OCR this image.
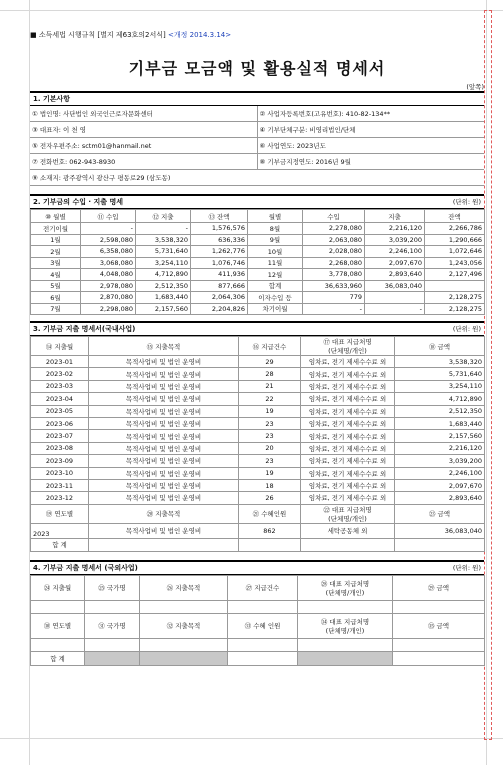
■ 소득세법 시행규칙 [별지 제63호의2서식] <개정 2014.3.14>
기부금 모금액 및 활용실적 명세서
(앞쪽)
1. 기본사항
① 법인명: 사단법인 외국인근로자문화센터	② 사업자등록번호(고유번호): 410-82-134**
③ 대표자: 이 천 영	④ 기부단체구분: 비영리법인/단체
⑤ 전자우편주소: sctm01@hanmail.net	⑥ 사업연도: 2023년도
⑦ 전화번호: 062-943-8930	⑧ 기부금지정연도: 2016년 9월
⑨ 소재지: 광주광역시 광산구 평동로29 (삼도동)	
2. 기부금의 수입 · 지출 명세	(단위: 원)
⑩ 월별	⑪ 수입	⑫ 지출	⑬ 잔액	월별	수입	지출	잔액
전기이월	-	-	1,576,576	8월	2,278,080	2,216,120	2,266,786
1월	2,598,080	3,538,320	636,336	9월	2,063,080	3,039,200	1,290,666
2월	6,358,080	5,731,640	1,262,776	10월	2,028,080	2,246,100	1,072,646
3월	3,068,080	3,254,110	1,076,746	11월	2,268,080	2,097,670	1,243,056
4월	4,048,080	4,712,890	411,936	12월	3,778,080	2,893,640	2,127,496
5월	2,978,080	2,512,350	877,666	합계	36,633,960	36,083,040	
6월	2,870,080	1,683,440	2,064,306	이자수입 등	779		2,128,275
7월	2,298,080	2,157,560	2,204,826	차기이월	-	-	2,128,275
3. 기부금 지출 명세서(국내사업)	(단위: 원)
⑭ 지출월	⑮ 지출목적	⑯ 지급건수	⑰ 대표 지급처명
(단체명/개인)	⑱ 금액
2023-01	목적사업비 및 법인 운영비	29	임차료, 전기 제세수수료 외	3,538,320
2023-02	목적사업비 및 법인 운영비	28	임차료, 전기 제세수수료 외	5,731,640
2023-03	목적사업비 및 법인 운영비	21	임차료, 전기 제세수수료 외	3,254,110
2023-04	목적사업비 및 법인 운영비	22	임차료, 전기 제세수수료 외	4,712,890
2023-05	목적사업비 및 법인 운영비	19	임차료, 전기 제세수수료 외	2,512,350
2023-06	목적사업비 및 법인 운영비	23	임차료, 전기 제세수수료 외	1,683,440
2023-07	목적사업비 및 법인 운영비	23	임차료, 전기 제세수수료 외	2,157,560
2023-08	목적사업비 및 법인 운영비	20	임차료, 전기 제세수수료 외	2,216,120
2023-09	목적사업비 및 법인 운영비	23	임차료, 전기 제세수수료 외	3,039,200
2023-10	목적사업비 및 법인 운영비	19	임차료, 전기 제세수수료 외	2,246,100
2023-11	목적사업비 및 법인 운영비	18	임차료, 전기 제세수수료 외	2,097,670
2023-12	목적사업비 및 법인 운영비	26	임차료, 전기 제세수수료 외	2,893,640
⑲ 연도별	⑳ 지출목적	㉑ 수혜인원	㉒ 대표 지급처명
(단체명/개인)	㉓ 금액
2023	목적사업비 및 법인 운영비	862	세탁공동체 외	36,083,040
합 계				
4. 기부금 지출 명세서 (국외사업)	(단위: 원)
㉔ 지출월	㉕ 국가명	㉖ 지출목적	㉗ 지급건수	㉘ 대표 지급처명
(단체명/개인)	㉙ 금액

㉚ 연도별	㉛ 국가명	㉜ 지출목적	㉝ 수혜 인원	㉞ 대표 지급처명
(단체명/개인)	㉟ 금액

합 계					
